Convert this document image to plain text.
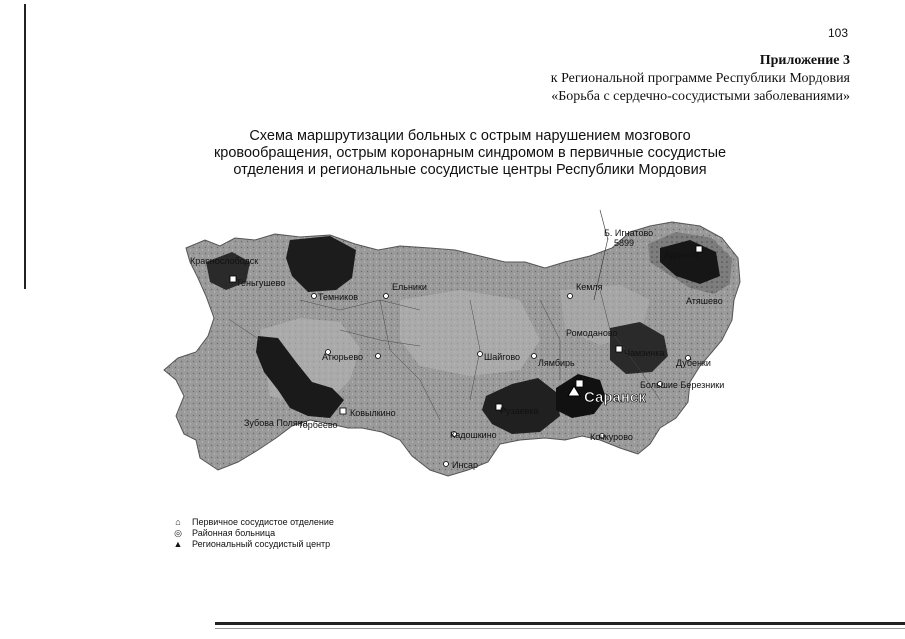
103
Приложение 3
к Региональной программе Республики Мордовия
«Борьба с сердечно-сосудистыми заболеваниями»
Схема маршрутизации больных с острым нарушением мозгового
кровообращения, острым коронарным синдромом в первичные сосудистые
отделения и региональные сосудистые центры Республики Мордовия
Б. Игнатово
5899
Ардатов
Краснослободск
Теньгушево	Ельники
Темников
Кемля
Ромоданово
Торбеево
Ковылкино
Атюрьево	Шайгово
Кадошкино
Зубова Поляна
Рузаевка
Чамзинка
Лямбирь
Саранск
Кочкурово
Инсар
Большие Березники
Дубенки
Атяшево
⌂	Первичное сосудистое отделение
◎ Районная больница
▲ Региональный сосудистый центр
